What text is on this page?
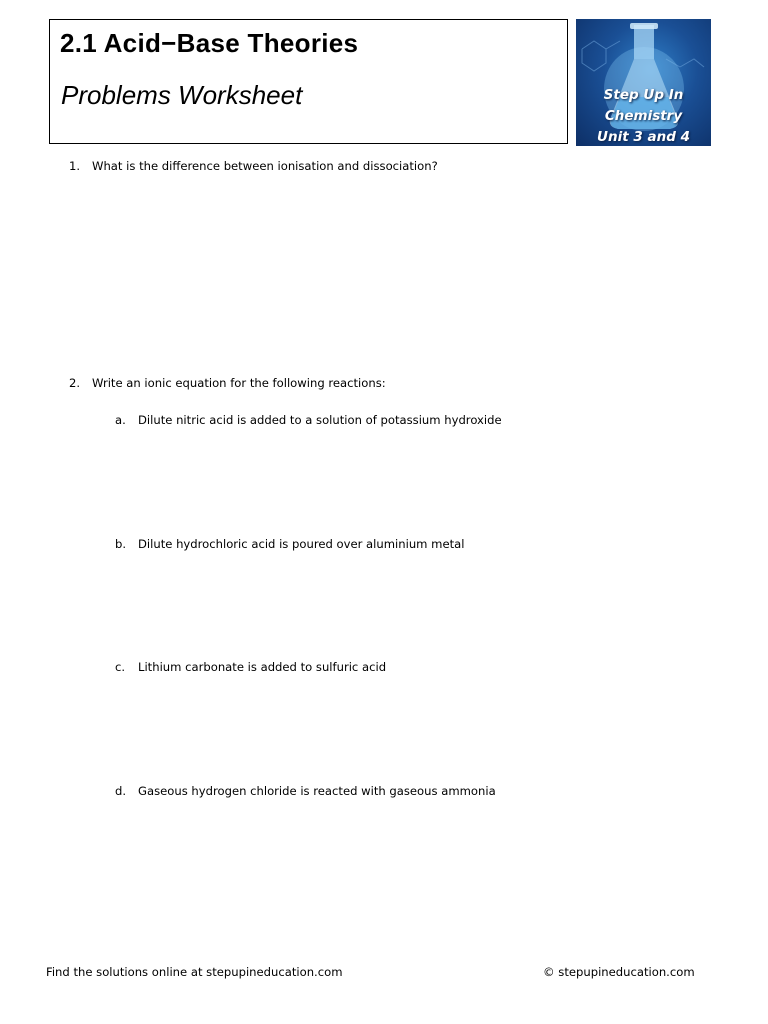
2.1 Acid−Base Theories
Problems Worksheet	Step Up In
Chemistry
Unit 3 and 4
1. What is the difference between ionisation and dissociation?
2. Write an ionic equation for the following reactions:
a. Dilute nitric acid is added to a solution of potassium hydroxide
b. Dilute hydrochloric acid is poured over aluminium metal
c. Lithium carbonate is added to sulfuric acid
d. Gaseous hydrogen chloride is reacted with gaseous ammonia
Find the solutions online at stepupineducation.com	© stepupineducation.com
